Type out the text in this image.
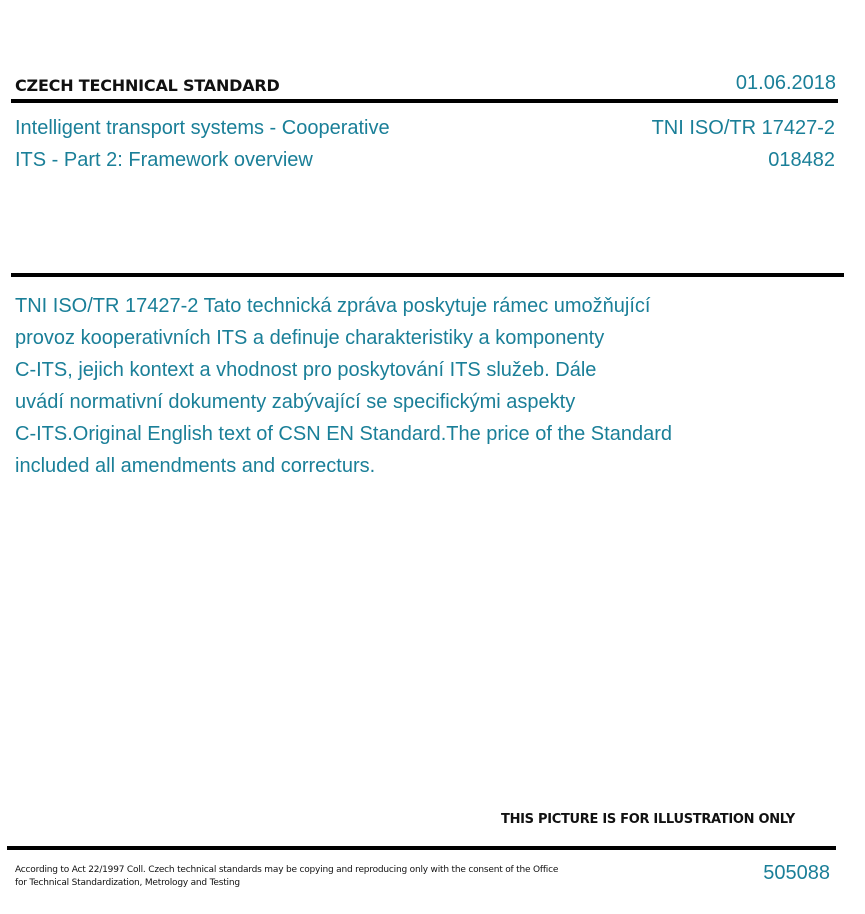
CZECH TECHNICAL STANDARD	01.06.2018
Intelligent transport systems - Cooperative
ITS - Part 2: Framework overview
TNI ISO/TR 17427-2
018482
TNI ISO/TR 17427-2 Tato technická zpráva poskytuje rámec umožňující
provoz kooperativních ITS a definuje charakteristiky a komponenty
C-ITS, jejich kontext a vhodnost pro poskytování ITS služeb. Dále
uvádí normativní dokumenty zabývající se specifickými aspekty
C-ITS.Original English text of CSN EN Standard.The price of the Standard
included all amendments and correcturs.
THIS PICTURE IS FOR ILLUSTRATION ONLY
According to Act 22/1997 Coll. Czech technical standards may be copying and reproducing only with the consent of the Office
for Technical Standardization, Metrology and Testing	505088
